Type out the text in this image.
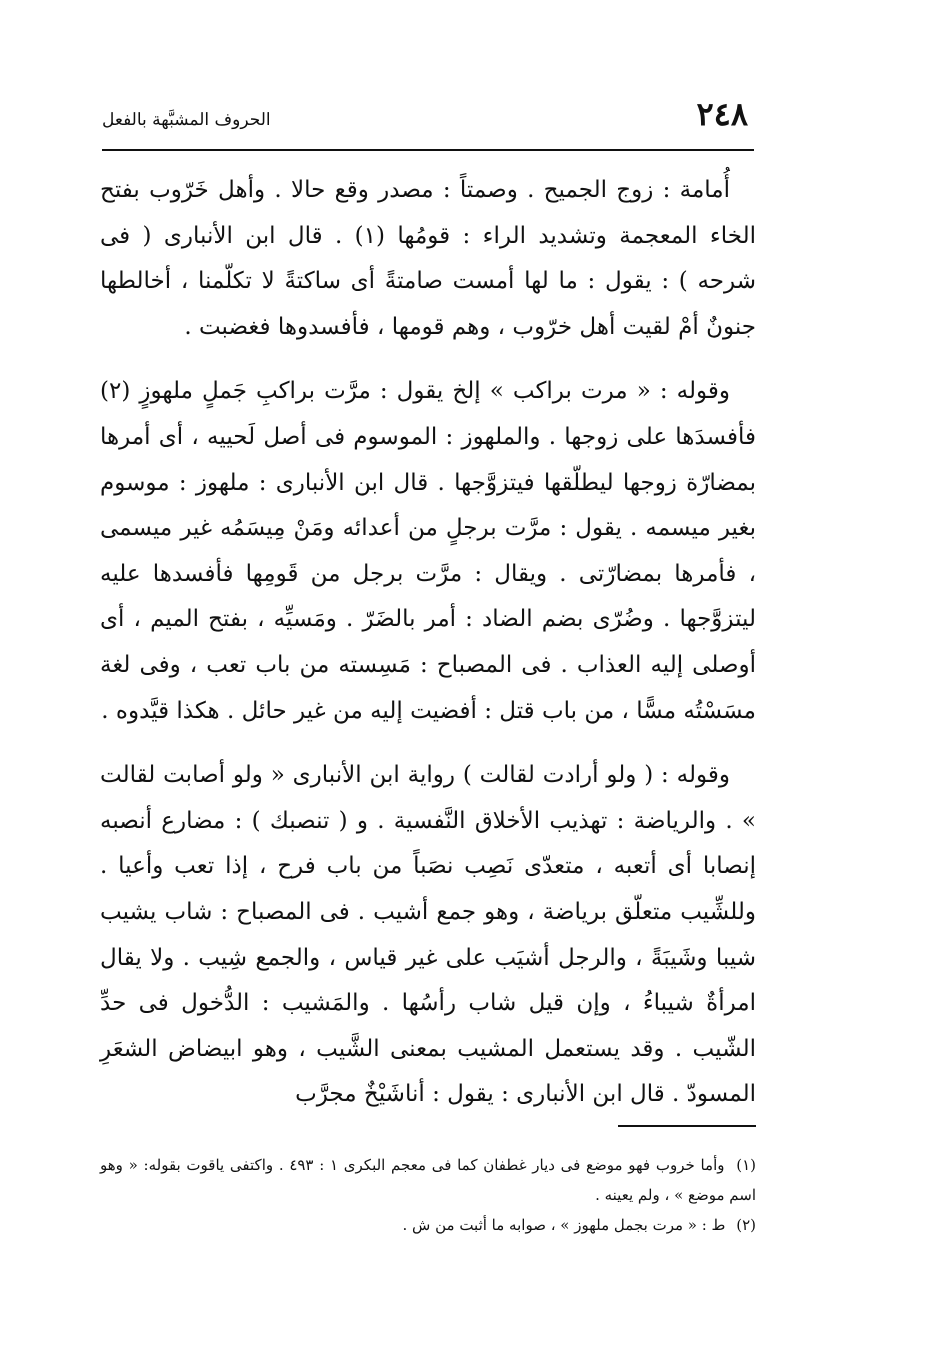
٢٤٨
الحروف المشبَّهة بالفعل

أُمامة : زوج الجميح . وصمتاً : مصدر وقع حالا . وأهل خَرّوب بفتح الخاء المعجمة وتشديد الراء : قومُها (١) . قال ابن الأنبارى ( فى شرحه ) : يقول : ما لها أمست صامتةً أى ساكتةً لا تكلّمنا ، أخالطها جنونٌ أمْ لقيت أهل خرّوب ، وهم قومها ، فأفسدوها فغضبت .

وقوله : « مرت براكب » إلخ يقول : مرَّت براكبِ جَملٍ ملهوزٍ (٢) فأفسدَها على زوجها . والملهوز : الموسوم فى أصل لَحييه ، أى أمرها بمضارّة زوجها ليطلّقها فيتزوَّجها . قال ابن الأنبارى : ملهوز : موسوم بغير ميسمه . يقول : مرَّت برجلٍ من أعدائه ومَنْ مِيسَمُه غير ميسمى ، فأمرها بمضارّتى . ويقال : مرَّت برجل من قَومِها فأفسدها عليه ليتزوَّجها . وضُرّى بضم الضاد : أمر بالضَرّ . ومَسيِّه ، بفتح الميم ، أى أوصلى إليه العذاب . فى المصباح : مَسِسته من باب تعب ، وفى لغة مسَسْتُه مسًّا ، من باب قتل : أفضيت إليه من غير حائل . هكذا قيَّدوه .

وقوله : ( ولو أرادت لقالت ) رواية ابن الأنبارى « ولو أصابت لقالت » . والرياضة : تهذيب الأخلاق النَّفسية . و ( تنصبك ) : مضارع أنصبه إنصابا أى أتعبه ، متعدّى نَصِب نصَباً من باب فرح ، إذا تعب وأعيا . وللشِّيب متعلّق برياضة ، وهو جمع أشيب . فى المصباح : شاب يشيب شيبا وشَيبَةً ، والرجل أشيَب على غير قياس ، والجمع شِيب . ولا يقال امرأةٌ شيباءُ ، وإن قيل شاب رأسُها . والمَشيب : الدُّخول فى حدِّ الشّيب . وقد يستعمل المشيب بمعنى الشَّيب ، وهو ابيضاض الشعَرِ المسودّ . قال ابن الأنبارى : يقول : أناشَيْخٌ مجرَّب

(١) وأما خروب فهو موضع فى ديار غطفان كما فى معجم البكرى ١ : ٤٩٣ . واكتفى ياقوت بقوله: « وهو اسم موضع » ، ولم يعينه .

(٢) ط : « مرت بجمل ملهوز » ، صوابه ما أثبت من ش .
